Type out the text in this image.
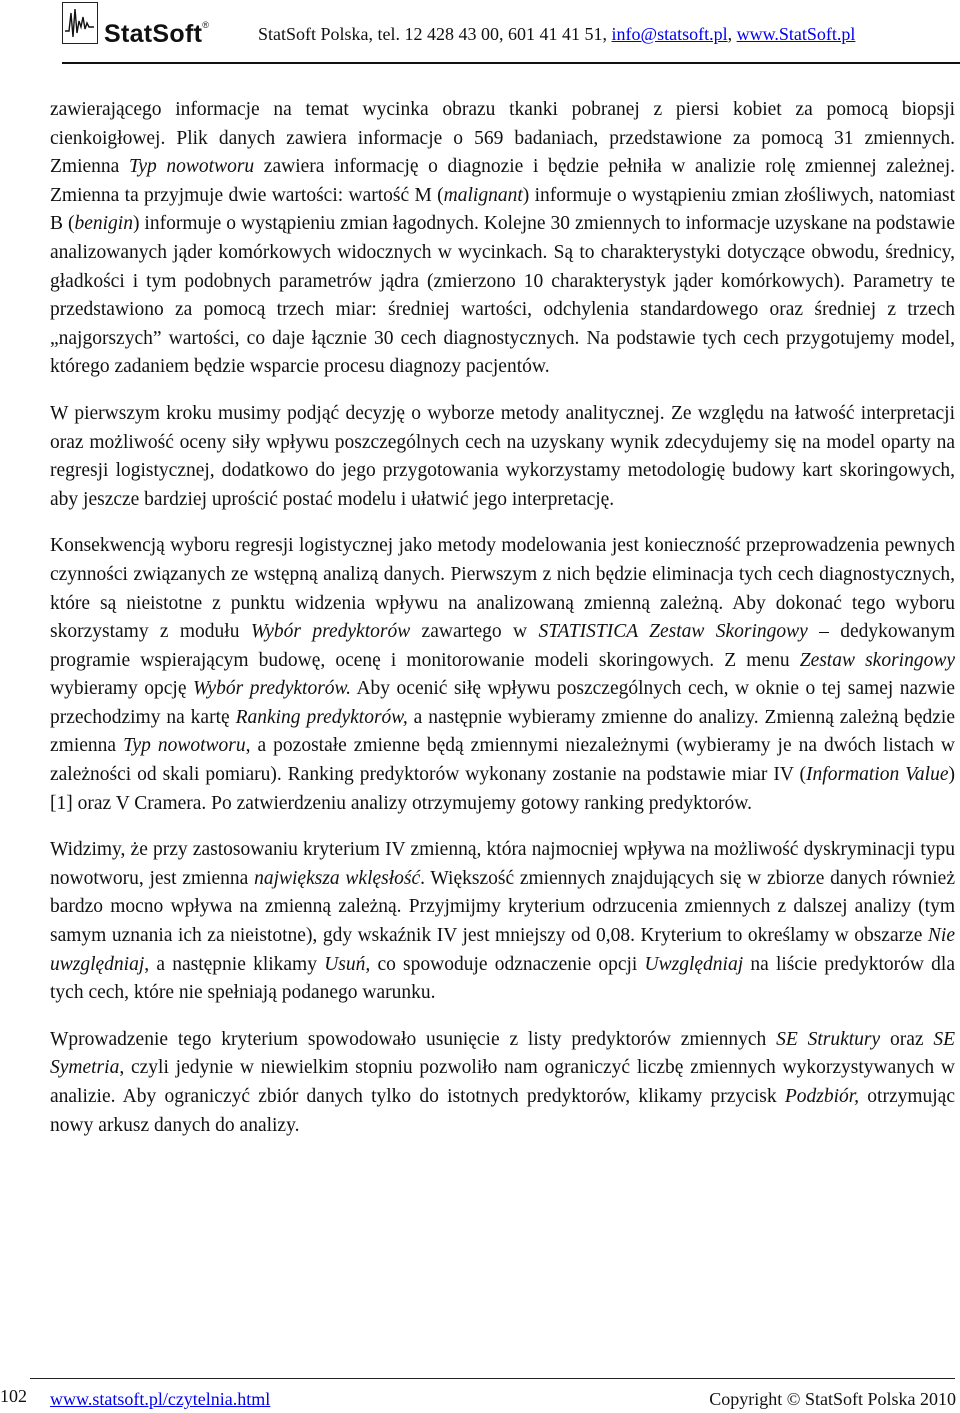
StatSoft®	StatSoft Polska, tel. 12 428 43 00, 601 41 41 51, info@statsoft.pl, www.StatSoft.pl

zawierającego informacje na temat wycinka obrazu tkanki pobranej z piersi kobiet za pomocą biopsji cienkoigłowej. Plik danych zawiera informacje o 569 badaniach, przedstawione za pomocą 31 zmiennych. Zmienna Typ nowotworu zawiera informację o diagnozie i będzie pełniła w analizie rolę zmiennej zależnej. Zmienna ta przyjmuje dwie wartości: wartość M (malignant) informuje o wystąpieniu zmian złośliwych, natomiast B (benigin) informuje o wystąpieniu zmian łagodnych. Kolejne 30 zmiennych to informacje uzyskane na podstawie analizowanych jąder komórkowych widocznych w wycinkach. Są to charakterystyki dotyczące obwodu, średnicy, gładkości i tym podobnych parametrów jądra (zmierzono 10 charakterystyk jąder komórkowych). Parametry te przedstawiono za pomocą trzech miar: średniej wartości, odchylenia standardowego oraz średniej z trzech „najgorszych” wartości, co daje łącznie 30 cech diagnostycznych. Na podstawie tych cech przygotujemy model, którego zadaniem będzie wsparcie procesu diagnozy pacjentów.

W pierwszym kroku musimy podjąć decyzję o wyborze metody analitycznej. Ze względu na łatwość interpretacji oraz możliwość oceny siły wpływu poszczególnych cech na uzyskany wynik zdecydujemy się na model oparty na regresji logistycznej, dodatkowo do jego przygotowania wykorzystamy metodologię budowy kart skoringowych, aby jeszcze bardziej uprościć postać modelu i ułatwić jego interpretację.

Konsekwencją wyboru regresji logistycznej jako metody modelowania jest konieczność przeprowadzenia pewnych czynności związanych ze wstępną analizą danych. Pierwszym z nich będzie eliminacja tych cech diagnostycznych, które są nieistotne z punktu widzenia wpływu na analizowaną zmienną zależną. Aby dokonać tego wyboru skorzystamy z modułu Wybór predyktorów zawartego w STATISTICA Zestaw Skoringowy – dedykowanym programie wspierającym budowę, ocenę i monitorowanie modeli skoringowych. Z menu Zestaw skoringowy wybieramy opcję Wybór predyktorów. Aby ocenić siłę wpływu poszczególnych cech, w oknie o tej samej nazwie przechodzimy na kartę Ranking predyktorów, a następnie wybieramy zmienne do analizy. Zmienną zależną będzie zmienna Typ nowotworu, a pozostałe zmienne będą zmiennymi niezależnymi (wybieramy je na dwóch listach w zależności od skali pomiaru). Ranking predyktorów wykonany zostanie na podstawie miar IV (Information Value) [1] oraz V Cramera. Po zatwierdzeniu analizy otrzymujemy gotowy ranking predyktorów.

Widzimy, że przy zastosowaniu kryterium IV zmienną, która najmocniej wpływa na możliwość dyskryminacji typu nowotworu, jest zmienna największa wklęsłość. Większość zmiennych znajdujących się w zbiorze danych również bardzo mocno wpływa na zmienną zależną. Przyjmijmy kryterium odrzucenia zmiennych z dalszej analizy (tym samym uznania ich za nieistotne), gdy wskaźnik IV jest mniejszy od 0,08. Kryterium to określamy w obszarze Nie uwzględniaj, a następnie klikamy Usuń, co spowoduje odznaczenie opcji Uwzględniaj na liście predyktorów dla tych cech, które nie spełniają podanego warunku.

Wprowadzenie tego kryterium spowodowało usunięcie z listy predyktorów zmiennych SE Struktury oraz SE Symetria, czyli jedynie w niewielkim stopniu pozwoliło nam ograniczyć liczbę zmiennych wykorzystywanych w analizie. Aby ograniczyć zbiór danych tylko do istotnych predyktorów, klikamy przycisk Podzbiór, otrzymując nowy arkusz danych do analizy.

102 www.statsoft.pl/czytelnia.html	Copyright © StatSoft Polska 2010
